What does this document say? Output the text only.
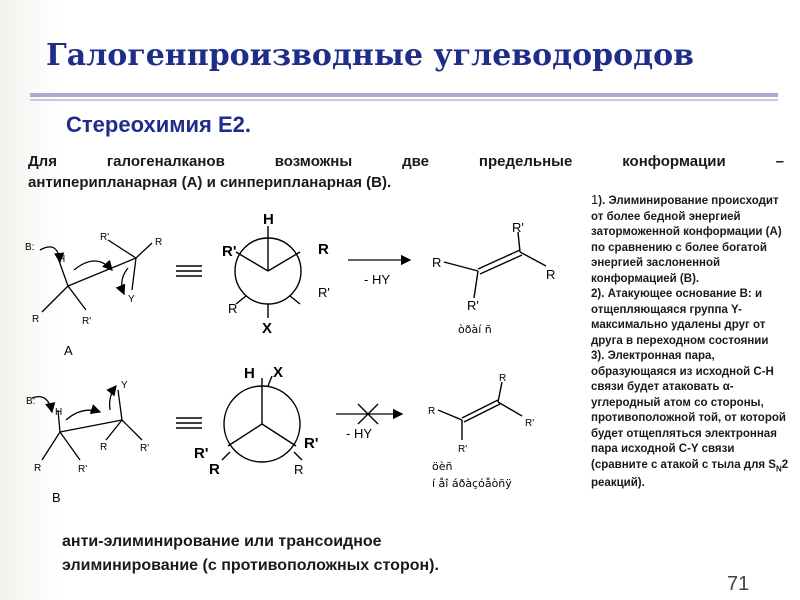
Галогенпроизводные углеводородов
Стереохимия Е2.
Для галогеналканов возможны две предельные конформации –
антиперипланарная (А) и синперипланарная (В).
B:
H
R'	R
Y
R	R'
A
H
R'	R
R
R'
X
- HY
R'
R
R
R'
òðàí ñ
B:
H
Y
R	R'
R	R'
B
H X
R'
R'
R	R
- HY
R
R
R'
R'
öèñ
í åî áðàçóåòñÿ

1). Элиминирование происходит от более бедной энергией заторможенной конформации (А) по сравнению с более богатой энергией заслоненной конформацией (В).

2). Атакующее основание В: и отщепляющаяся группа Y- максимально удалены друг от друга в переходном состоянии

3). Электронная пара, образующаяся из исходной С-Н связи будет атаковать α-углеродный атом со стороны, противоположной той, от которой будет отщепляться электронная пара исходной С-Y связи (сравните с атакой с тыла для $S_N2$ реакций).

анти-элиминирование или трансоидное
элиминирование (с противоположных сторон).
71
